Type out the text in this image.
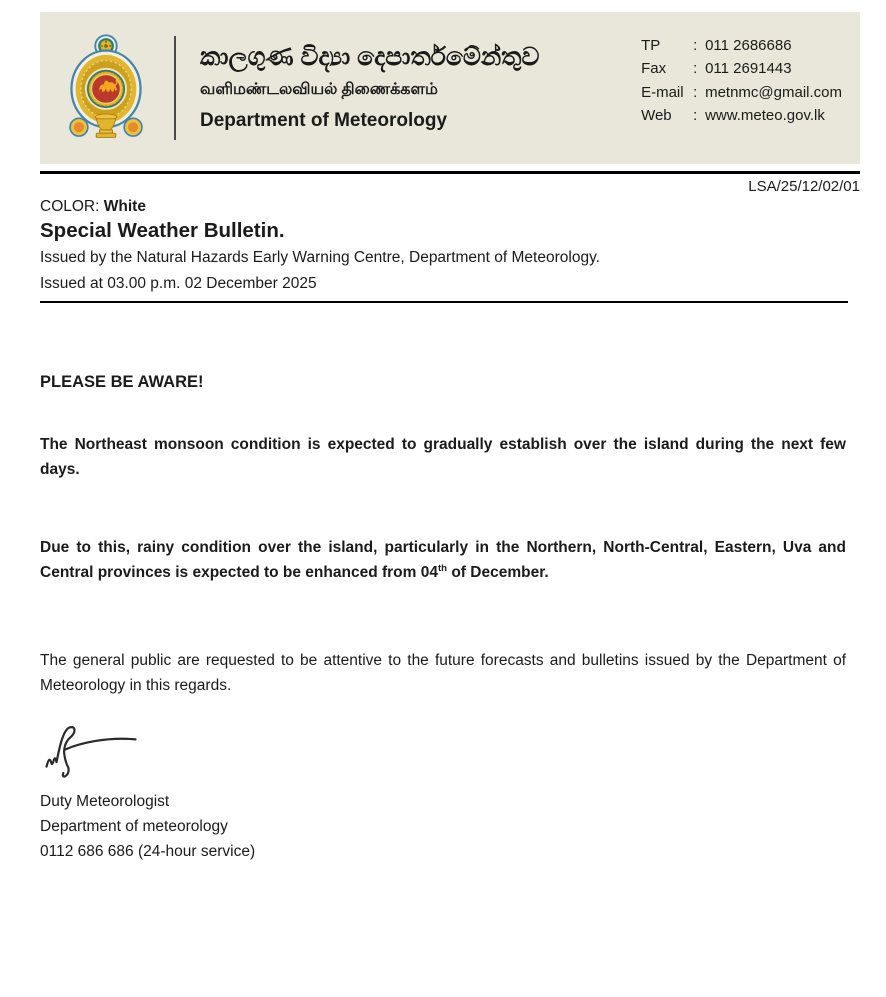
කාලගුණ විද්‍යා දෙපාර්තමේන්තුව
வளிமண்டலவியல் திணைக்களம்
Department of Meteorology
TP	: 011 2686686
Fax	: 011 2691443
E-mail : metnmc@gmail.com
Web	: www.meteo.gov.lk
LSA/25/12/02/01
COLOR: White
Special Weather Bulletin.
Issued by the Natural Hazards Early Warning Centre, Department of Meteorology.
Issued at 03.00 p.m. 02 December 2025
PLEASE BE AWARE!

The Northeast monsoon condition is expected to gradually establish over the island during the next few days.

Due to this, rainy condition over the island, particularly in the Northern, North-Central, Eastern, Uva and Central provinces is expected to be enhanced from 04th of December.

The general public are requested to be attentive to the future forecasts and bulletins issued by the Department of Meteorology in this regards.

Duty Meteorologist
Department of meteorology
0112 686 686 (24-hour service)
